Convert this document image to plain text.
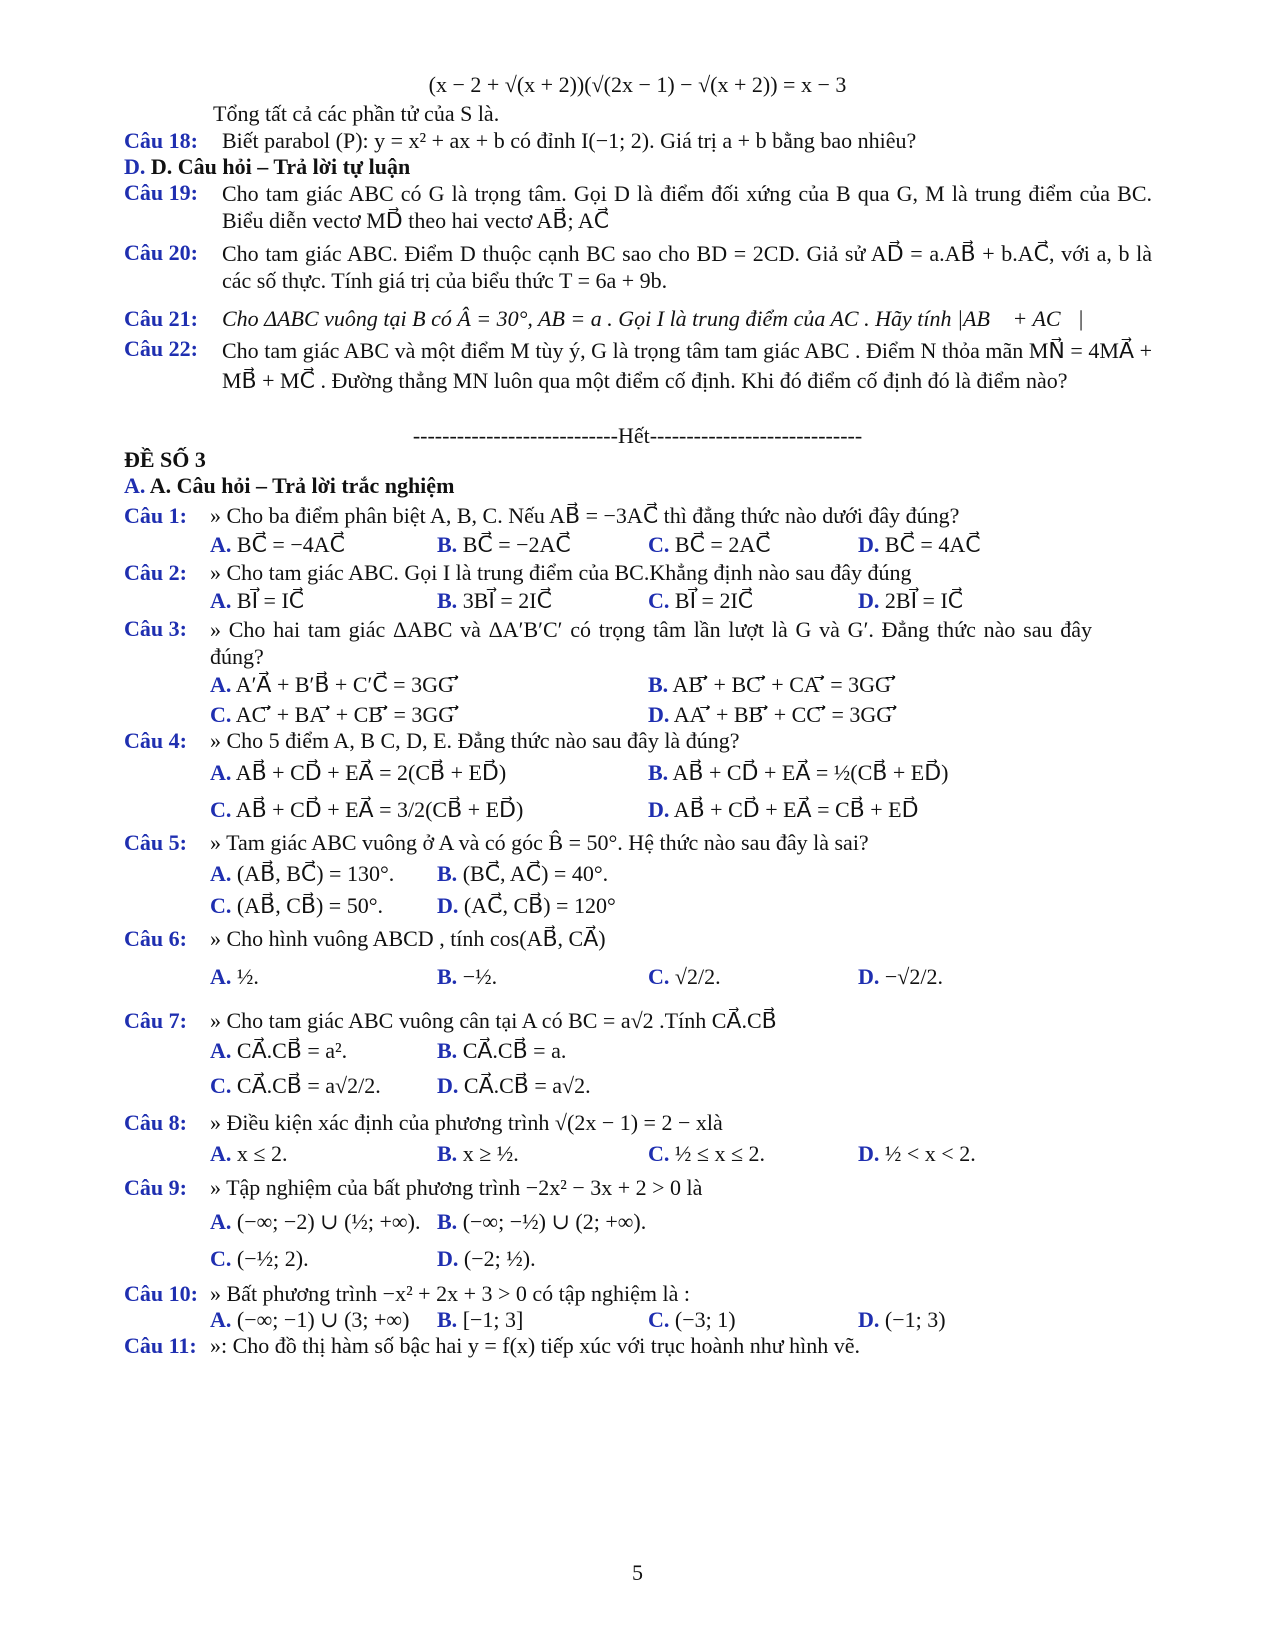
(x − 2 + √(x + 2))(√(2x − 1) − √(x + 2)) = x − 3
Tổng tất cả các phần tử của S là.
Câu 18: Biết parabol (P): y = x² + ax + b có đỉnh I(−1; 2). Giá trị a + b bằng bao nhiêu?
D. D. Câu hỏi – Trả lời tự luận
Câu 19: Cho tam giác ABC có G là trọng tâm. Gọi D là điểm đối xứng của B qua G, M là trung điểm của BC. Biểu diễn vectơ MD⃗ theo hai vectơ AB⃗; AC⃗
Câu 20: Cho tam giác ABC. Điểm D thuộc cạnh BC sao cho BD = 2CD. Giả sử AD⃗ = a.AB⃗ + b.AC⃗, với a, b là các số thực. Tính giá trị của biểu thức T = 6a + 9b.
Câu 21: Cho ΔABC vuông tại B có Â = 30°, AB = a . Gọi I là trung điểm của AC . Hãy tính |AB⃗ + AC⃗|
Câu 22: Cho tam giác ABC và một điểm M tùy ý, G là trọng tâm tam giác ABC . Điểm N thỏa mãn MN⃗ = 4MA⃗ + MB⃗ + MC⃗ . Đường thẳng MN luôn qua một điểm cố định. Khi đó điểm cố định đó là điểm nào?
----------------------------Hết-----------------------------
ĐỀ SỐ 3
A. A. Câu hỏi – Trả lời trắc nghiệm
Câu 1: » Cho ba điểm phân biệt A, B, C. Nếu AB⃗ = −3AC⃗ thì đẳng thức nào dưới đây đúng?
A. BC⃗ = −4AC⃗	B. BC⃗ = −2AC⃗	C. BC⃗ = 2AC⃗	D. BC⃗ = 4AC⃗
Câu 2: » Cho tam giác ABC. Gọi I là trung điểm của BC.Khẳng định nào sau đây đúng
A. BI⃗ = IC⃗	B. 3BI⃗ = 2IC⃗	C. BI⃗ = 2IC⃗	D. 2BI⃗ = IC⃗
Câu 3: » Cho hai tam giác ΔABC và ΔA′B′C′ có trọng tâm lần lượt là G và G′. Đẳng thức nào sau đây đúng?
A. A′A⃗ + B′B⃗ + C′C⃗ = 3GG′⃗	B. AB′⃗ + BC′⃗ + CA′⃗ = 3GG′⃗
C. AC′⃗ + BA′⃗ + CB′⃗ = 3GG′⃗	D. AA′⃗ + BB′⃗ + CC′⃗ = 3GG′⃗
Câu 4: » Cho 5 điểm A, B C, D, E. Đẳng thức nào sau đây là đúng?
A. AB⃗ + CD⃗ + EA⃗ = 2(CB⃗ + ED⃗)	B. AB⃗ + CD⃗ + EA⃗ = ½(CB⃗ + ED⃗)
C. AB⃗ + CD⃗ + EA⃗ = 3/2(CB⃗ + ED⃗)	D. AB⃗ + CD⃗ + EA⃗ = CB⃗ + ED⃗
Câu 5: » Tam giác ABC vuông ở A và có góc B̂ = 50°. Hệ thức nào sau đây là sai?
A. (AB⃗, BC⃗) = 130°. B. (BC⃗, AC⃗) = 40°.
C. (AB⃗, CB⃗) = 50°. D. (AC⃗, CB⃗) = 120°
Câu 6: » Cho hình vuông ABCD , tính cos(AB⃗, CA⃗)
A. ½.	B. −½.	C. √2/2.	D. −√2/2.
Câu 7: » Cho tam giác ABC vuông cân tại A có BC = a√2 .Tính CA⃗.CB⃗
A. CA⃗.CB⃗ = a².	B. CA⃗.CB⃗ = a.
C. CA⃗.CB⃗ = a√2/2.	D. CA⃗.CB⃗ = a√2.
Câu 8: » Điều kiện xác định của phương trình √(2x − 1) = 2 − xlà
A. x ≤ 2.	B. x ≥ ½.	C. ½ ≤ x ≤ 2.	D. ½ < x < 2.
Câu 9: » Tập nghiệm của bất phương trình −2x² − 3x + 2 > 0 là
A. (−∞; −2) ∪ (½; +∞). B. (−∞; −½) ∪ (2; +∞).
C. (−½; 2).	D. (−2; ½).
Câu 10: » Bất phương trình −x² + 2x + 3 > 0 có tập nghiệm là :
A. (−∞; −1) ∪ (3; +∞) B. [−1; 3]	C. (−3; 1)	D. (−1; 3)
Câu 11: »: Cho đồ thị hàm số bậc hai y = f(x) tiếp xúc với trục hoành như hình vẽ.
5
